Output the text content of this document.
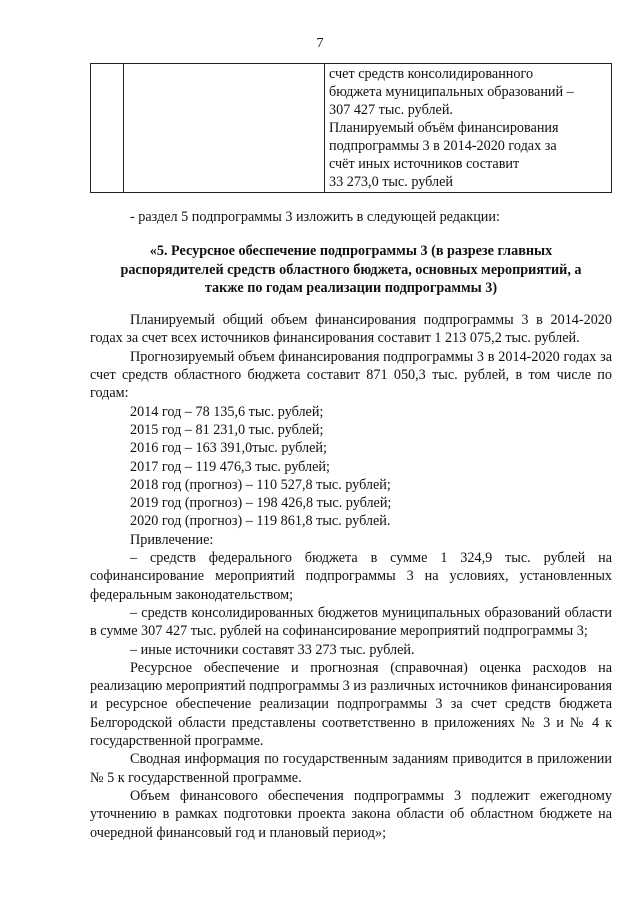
7

счет средств консолидированного
бюджета муниципальных образований –
307 427 тыс. рублей.
Планируемый объём финансирования
подпрограммы 3 в 2014-2020 годах за
счёт иных источников составит
33 273,0 тыс. рублей

- раздел 5 подпрограммы 3 изложить в следующей редакции:

«5. Ресурсное обеспечение подпрограммы 3 (в разрезе главных распорядителей средств областного бюджета, основных мероприятий, а также по годам реализации подпрограммы 3)

Планируемый общий объем финансирования подпрограммы 3 в 2014-2020 годах за счет всех источников финансирования составит 1 213 075,2 тыс. рублей.

Прогнозируемый объем финансирования подпрограммы 3 в 2014-2020 годах за счет средств областного бюджета составит 871 050,3 тыс. рублей, в том числе по годам:

2014 год – 78 135,6 тыс. рублей;

2015 год – 81 231,0 тыс. рублей;

2016 год – 163 391,0тыс. рублей;

2017 год – 119 476,3 тыс. рублей;

2018 год (прогноз) – 110 527,8 тыс. рублей;

2019 год (прогноз) – 198 426,8 тыс. рублей;

2020 год (прогноз) – 119 861,8 тыс. рублей.

Привлечение:

– средств федерального бюджета в сумме 1 324,9 тыс. рублей на софинансирование мероприятий подпрограммы 3 на условиях, установленных федеральным законодательством;

– средств консолидированных бюджетов муниципальных образований области в сумме 307 427 тыс. рублей на софинансирование мероприятий подпрограммы 3;

– иные источники составят 33 273 тыс. рублей.

Ресурсное обеспечение и прогнозная (справочная) оценка расходов на реализацию мероприятий подпрограммы 3 из различных источников финансирования и ресурсное обеспечение реализации подпрограммы 3 за счет средств бюджета Белгородской области представлены соответственно в приложениях № 3 и № 4 к государственной программе.

Сводная информация по государственным заданиям приводится в приложении № 5 к государственной программе.

Объем финансового обеспечения подпрограммы 3 подлежит ежегодному уточнению в рамках подготовки проекта закона области об областном бюджете на очередной финансовый год и плановый период»;
